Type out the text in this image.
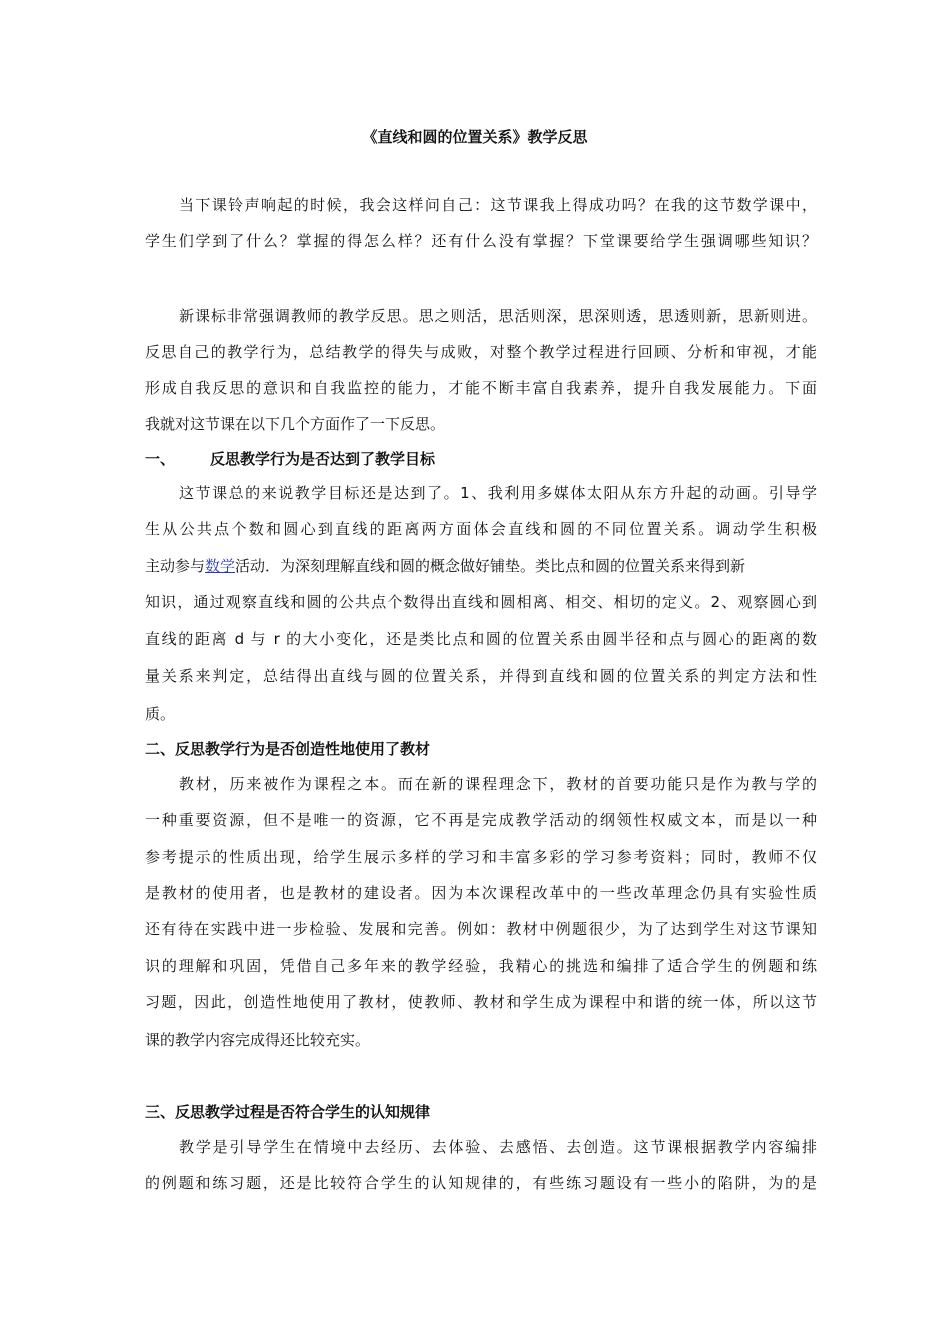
《直线和圆的位置关系》教学反思
当下课铃声响起的时候，我会这样问自己：这节课我上得成功吗？在我的这节数学课中，
学生们学到了什么？掌握的得怎么样？还有什么没有掌握？下堂课要给学生强调哪些知识？
新课标非常强调教师的教学反思。思之则活，思活则深，思深则透，思透则新，思新则进。
反思自己的教学行为，总结教学的得失与成败，对整个教学过程进行回顾、分析和审视，才能
形成自我反思的意识和自我监控的能力，才能不断丰富自我素养，提升自我发展能力。下面
我就对这节课在以下几个方面作了一下反思。
一、 反思教学行为是否达到了教学目标
这节课总的来说教学目标还是达到了。1、我利用多媒体太阳从东方升起的动画。引导学
生从公共点个数和圆心到直线的距离两方面体会直线和圆的不同位置关系。调动学生积极
主动参与数学活动．为深刻理解直线和圆的概念做好铺垫。类比点和圆的位置关系来得到新
知识，通过观察直线和圆的公共点个数得出直线和圆相离、相交、相切的定义。2、观察圆心到
直线的距离 d 与 r 的大小变化，还是类比点和圆的位置关系由圆半径和点与圆心的距离的数
量关系来判定，总结得出直线与圆的位置关系，并得到直线和圆的位置关系的判定方法和性
质。
二、反思教学行为是否创造性地使用了教材
教材，历来被作为课程之本。而在新的课程理念下，教材的首要功能只是作为教与学的
一种重要资源，但不是唯一的资源，它不再是完成教学活动的纲领性权威文本，而是以一种
参考提示的性质出现，给学生展示多样的学习和丰富多彩的学习参考资料；同时，教师不仅
是教材的使用者，也是教材的建设者。因为本次课程改革中的一些改革理念仍具有实验性质
还有待在实践中进一步检验、发展和完善。例如：教材中例题很少，为了达到学生对这节课知
识的理解和巩固，凭借自己多年来的教学经验，我精心的挑选和编排了适合学生的例题和练
习题，因此，创造性地使用了教材，使教师、教材和学生成为课程中和谐的统一体，所以这节
课的教学内容完成得还比较充实。
三、反思教学过程是否符合学生的认知规律
教学是引导学生在情境中去经历、去体验、去感悟、去创造。这节课根据教学内容编排
的例题和练习题，还是比较符合学生的认知规律的，有些练习题设有一些小的陷阱，为的是
